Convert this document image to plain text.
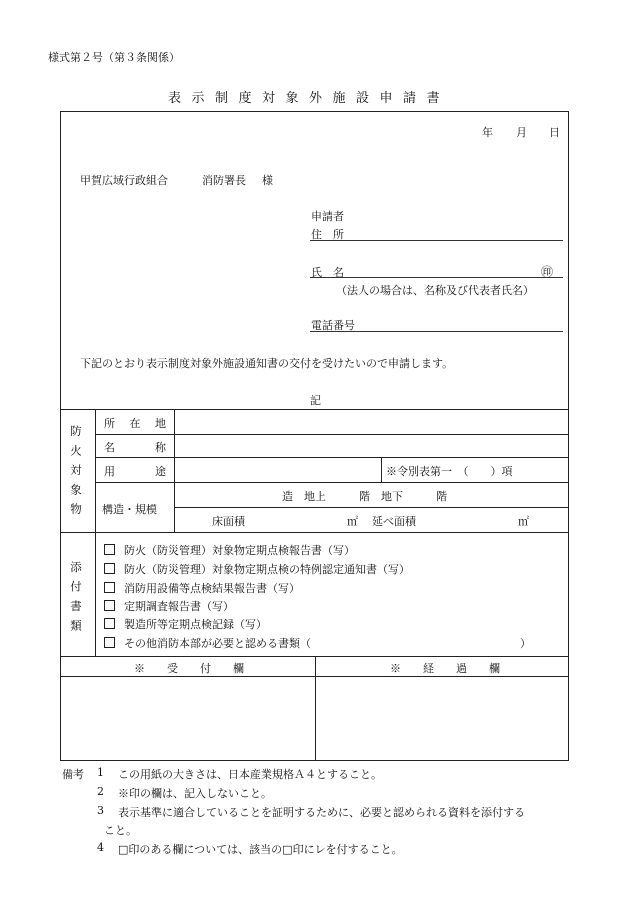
様式第２号（第３条関係）
表示制度対象外施設申請書
年 月 日
甲賀広域行政組合	消防署長 様
申請者
住　所
氏　名	㊞
（法人の場合は、名称及び代表者氏名）
電話番号
下記のとおり表示制度対象外施設通知書の交付を受けたいので申請します。
記
防火対象物
所 在 地
名	称
用	途	※令別表第一　（　　）項
構造・規模
造　地上　　　階　地下　　　階
床面積	㎡ 延べ面積	㎡
添付書類
防火（防災管理）対象物定期点検報告書（写）
防火（防災管理）対象物定期点検の特例認定通知書（写）
消防用設備等点検結果報告書（写）
定期調査報告書（写）
製造所等定期点検記録（写）
その他消防本部が必要と認める書類（　　　　　　　　　　　　　　　　　　　）
※　　受　　付　　欄	※　　経　　過　　欄
備考 1 この用紙の大きさは、日本産業規格Ａ４とすること。
2 ※印の欄は、記入しないこと。
3 表示基準に適合していることを証明するために、必要と認められる資料を添付する
こと。
4 □印のある欄については、該当の□印にレを付すること。
